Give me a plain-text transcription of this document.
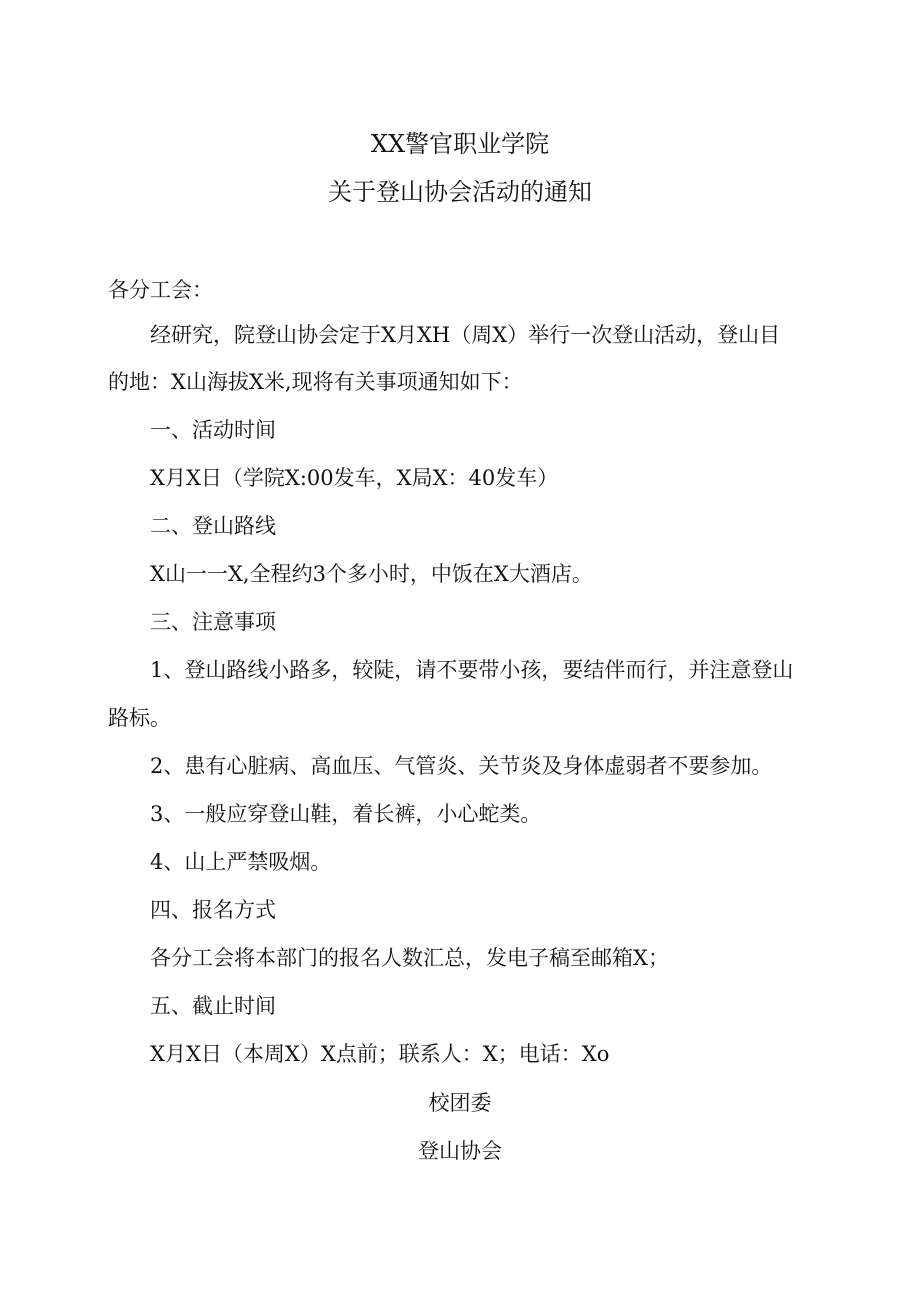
XX警官职业学院
关于登山协会活动的通知
各分工会：
经研究，院登山协会定于X月XH（周X）举行一次登山活动，登山目
的地：X山海拔X米,现将有关事项通知如下：
一、活动时间
X月X日（学院X:00发车，X局X：40发车）
二、登山路线
X山一一X,全程约3个多小时，中饭在X大酒店。
三、注意事项
1、登山路线小路多，较陡，请不要带小孩，要结伴而行，并注意登山
路标。
2、患有心脏病、高血压、气管炎、关节炎及身体虚弱者不要参加。
3、一般应穿登山鞋，着长裤，小心蛇类。
4、山上严禁吸烟。
四、报名方式
各分工会将本部门的报名人数汇总，发电子稿至邮箱X；
五、截止时间
X月X日（本周X）X点前；联系人：X；电话：Xo
校团委
登山协会
